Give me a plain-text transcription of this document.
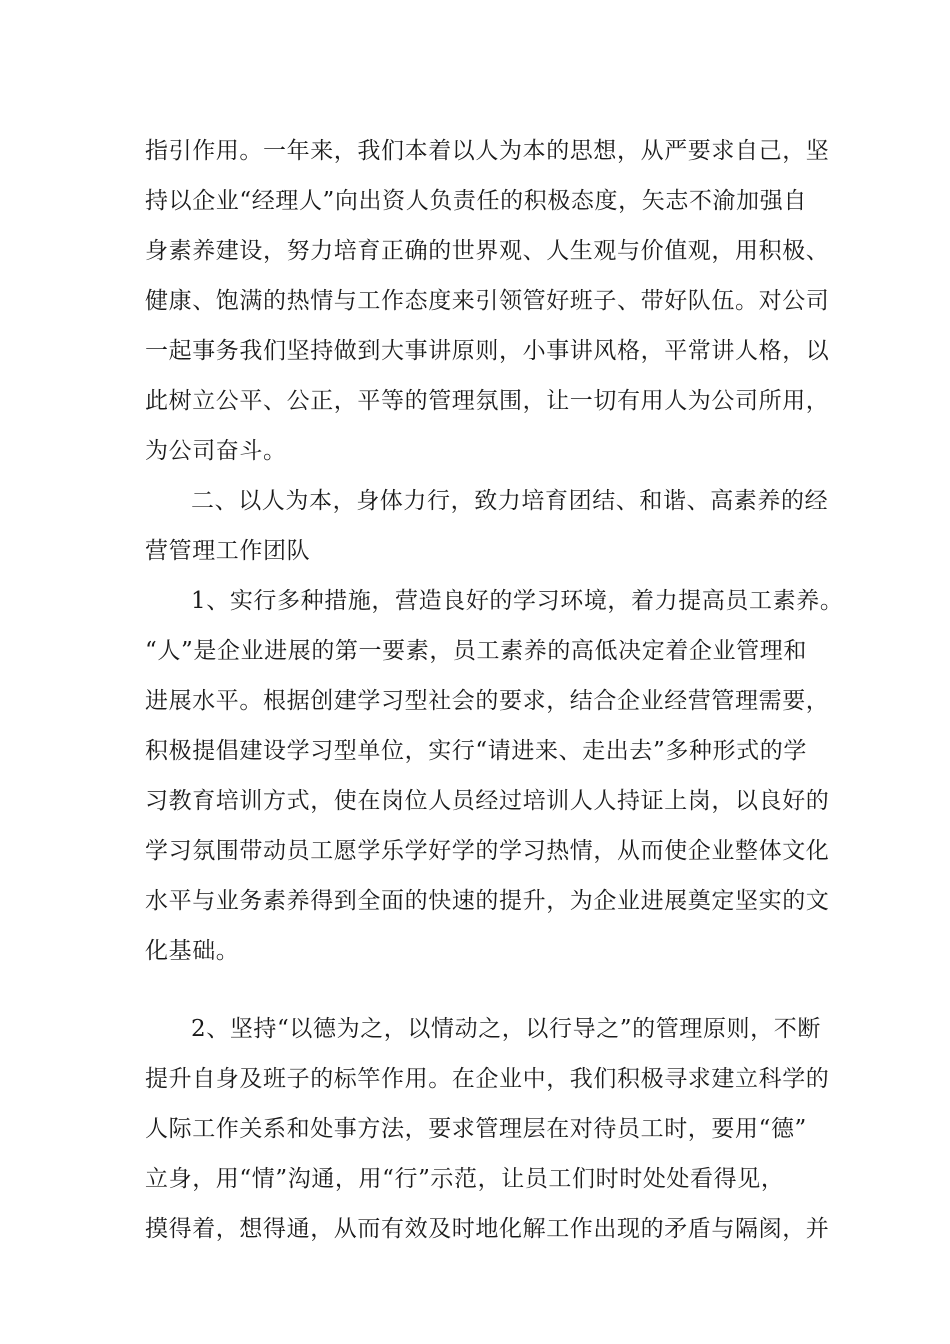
指引作用。一年来，我们本着以人为本的思想，从严要求自己，坚
持以企业“经理人”向出资人负责任的积极态度，矢志不渝加强自
身素养建设，努力培育正确的世界观、人生观与价值观，用积极、
健康、饱满的热情与工作态度来引领管好班子、带好队伍。对公司
一起事务我们坚持做到大事讲原则，小事讲风格，平常讲人格，以
此树立公平、公正，平等的管理氛围，让一切有用人为公司所用，
为公司奋斗。
二、以人为本，身体力行，致力培育团结、和谐、高素养的经
营管理工作团队
1、实行多种措施，营造良好的学习环境，着力提高员工素养。
“人”是企业进展的第一要素，员工素养的高低决定着企业管理和
进展水平。根据创建学习型社会的要求，结合企业经营管理需要，
积极提倡建设学习型单位，实行“请进来、走出去”多种形式的学
习教育培训方式，使在岗位人员经过培训人人持证上岗，以良好的
学习氛围带动员工愿学乐学好学的学习热情，从而使企业整体文化
水平与业务素养得到全面的快速的提升，为企业进展奠定坚实的文
化基础。
2、坚持“以德为之，以情动之，以行导之”的管理原则，不断
提升自身及班子的标竿作用。在企业中，我们积极寻求建立科学的
人际工作关系和处事方法，要求管理层在对待员工时，要用“德”
立身，用“情”沟通，用“行”示范，让员工们时时处处看得见，
摸得着，想得通，从而有效及时地化解工作出现的矛盾与隔阂，并
